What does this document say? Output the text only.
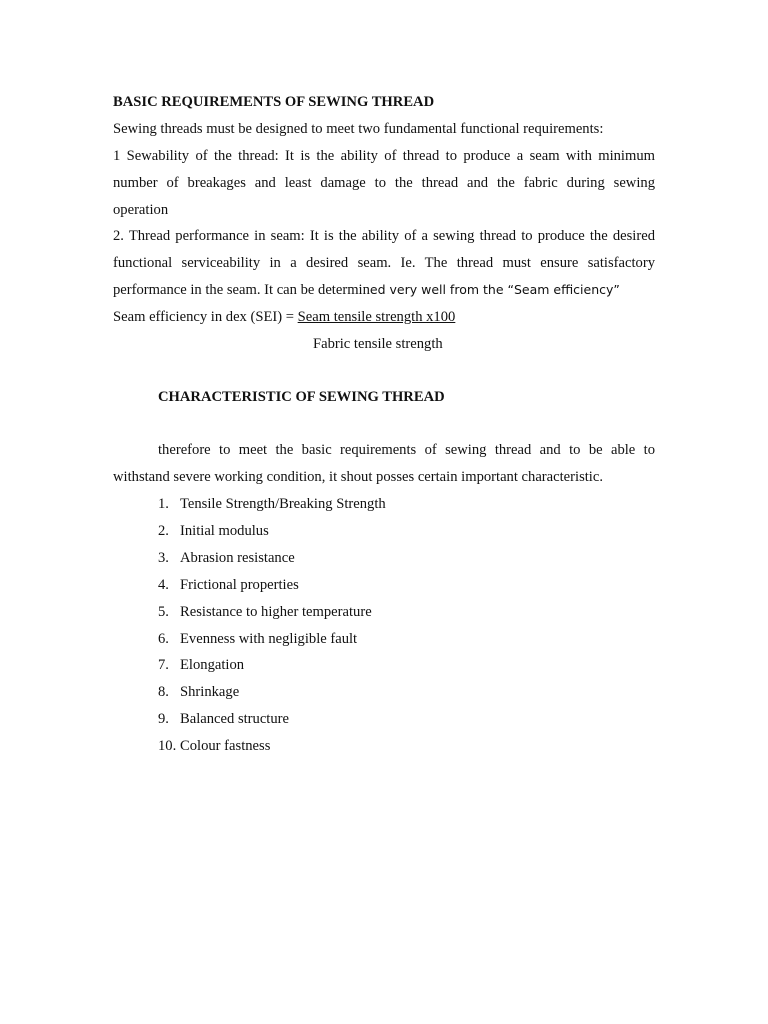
BASIC REQUIREMENTS OF SEWING THREAD
Sewing threads must be designed to meet two fundamental functional requirements:
1 Sewability of the thread: It is the ability of thread to produce a seam with minimum
number of breakages and least damage to the thread and the fabric during sewing
operation
2. Thread performance in seam: It is the ability of a sewing thread to produce the desired
functional serviceability in a desired seam. Ie. The thread must ensure satisfactory
performance in the seam. It can be determined very well from the “Seam efficiency”
Seam efficiency in dex (SEI) = Seam tensile strength x100
Fabric tensile strength
CHARACTERISTIC OF SEWING THREAD
therefore to meet the basic requirements of sewing thread and to be able to
withstand severe working condition, it shout posses certain important characteristic.
1. Tensile Strength/Breaking Strength
2. Initial modulus
3. Abrasion resistance
4. Frictional properties
5. Resistance to higher temperature
6. Evenness with negligible fault
7. Elongation
8. Shrinkage
9. Balanced structure
10. Colour fastness
